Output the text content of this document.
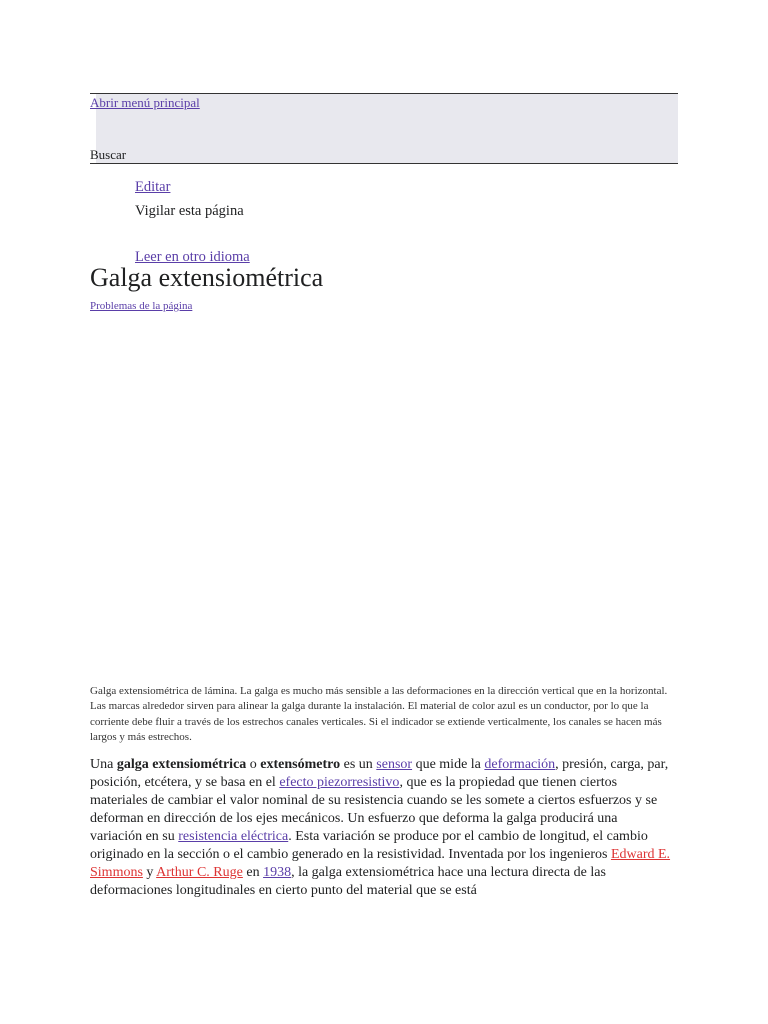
Abrir menú principal
Buscar
Editar
Vigilar esta página
Leer en otro idioma
Galga extensiométrica
Problemas de la página

Galga extensiométrica de lámina. La galga es mucho más sensible a las deformaciones en la dirección vertical que en la horizontal. Las marcas alrededor sirven para alinear la galga durante la instalación. El material de color azul es un conductor, por lo que la corriente debe fluir a través de los estrechos canales verticales. Si el indicador se extiende verticalmente, los canales se hacen más largos y más estrechos.

Una galga extensiométrica o extensómetro es un sensor que mide la deformación, presión, carga, par, posición, etcétera, y se basa en el efecto piezorresistivo, que es la propiedad que tienen ciertos materiales de cambiar el valor nominal de su resistencia cuando se les somete a ciertos esfuerzos y se deforman en dirección de los ejes mecánicos. Un esfuerzo que deforma la galga producirá una variación en su resistencia eléctrica. Esta variación se produce por el cambio de longitud, el cambio originado en la sección o el cambio generado en la resistividad. Inventada por los ingenieros Edward E. Simmons y Arthur C. Ruge en 1938, la galga extensiométrica hace una lectura directa de las deformaciones longitudinales en cierto punto del material que se está
